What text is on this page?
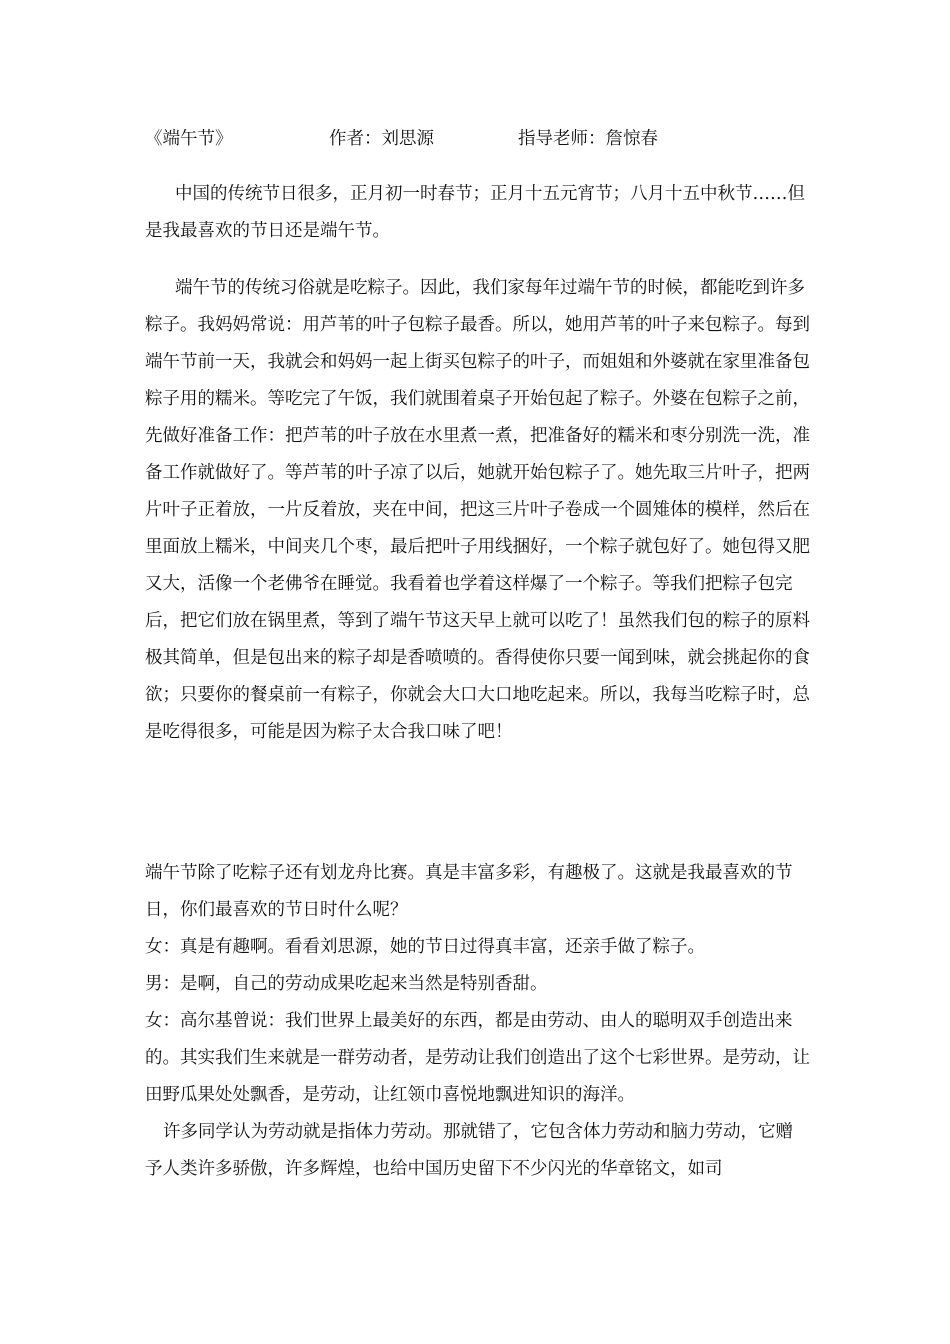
《端午节》	作者：刘思源	指导老师：詹惊春

中国的传统节日很多，正月初一时春节；正月十五元宵节；八月十五中秋节……但是我最喜欢的节日还是端午节。

端午节的传统习俗就是吃粽子。因此，我们家每年过端午节的时候，都能吃到许多粽子。我妈妈常说：用芦苇的叶子包粽子最香。所以，她用芦苇的叶子来包粽子。每到端午节前一天，我就会和妈妈一起上街买包粽子的叶子，而姐姐和外婆就在家里准备包粽子用的糯米。等吃完了午饭，我们就围着桌子开始包起了粽子。外婆在包粽子之前，先做好准备工作：把芦苇的叶子放在水里煮一煮，把准备好的糯米和枣分别洗一洗，准备工作就做好了。等芦苇的叶子凉了以后，她就开始包粽子了。她先取三片叶子，把两片叶子正着放，一片反着放，夹在中间，把这三片叶子卷成一个圆雉体的模样，然后在里面放上糯米，中间夹几个枣，最后把叶子用线捆好，一个粽子就包好了。她包得又肥又大，活像一个老佛爷在睡觉。我看着也学着这样爆了一个粽子。等我们把粽子包完后，把它们放在锅里煮，等到了端午节这天早上就可以吃了！虽然我们包的粽子的原料极其简单，但是包出来的粽子却是香喷喷的。香得使你只要一闻到味，就会挑起你的食欲；只要你的餐桌前一有粽子，你就会大口大口地吃起来。所以，我每当吃粽子时，总是吃得很多，可能是因为粽子太合我口味了吧！

端午节除了吃粽子还有划龙舟比赛。真是丰富多彩，有趣极了。这就是我最喜欢的节日，你们最喜欢的节日时什么呢？

女：真是有趣啊。看看刘思源，她的节日过得真丰富，还亲手做了粽子。

男：是啊，自己的劳动成果吃起来当然是特别香甜。

女：高尔基曾说：我们世界上最美好的东西，都是由劳动、由人的聪明双手创造出来的。其实我们生来就是一群劳动者，是劳动让我们创造出了这个七彩世界。是劳动，让田野瓜果处处飘香，是劳动，让红领巾喜悦地飘进知识的海洋。

许多同学认为劳动就是指体力劳动。那就错了，它包含体力劳动和脑力劳动，它赠予人类许多骄傲，许多辉煌，也给中国历史留下不少闪光的华章铭文，如司
